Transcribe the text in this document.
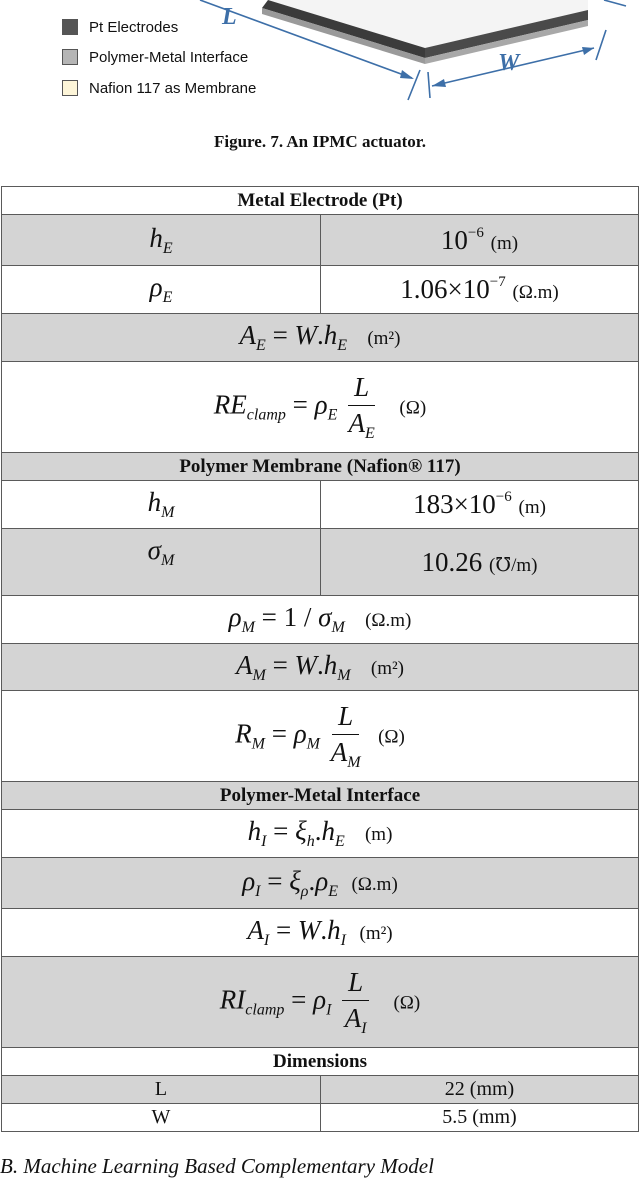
L
W
Pt Electrodes
Polymer-Metal Interface
Nafion 117 as Membrane
Figure. 7. An IPMC actuator.
Metal Electrode (Pt)	
$h_E$	$10^{-6}$ (m)
$\rho_E$	$1.06\times 10^{-7}$ (Ω.m)
$A_E = W.h_E$ (m²)	
$RE_{clamp} = \rho_E \frac{L}{A_E} (\Omega)$	
Polymer Membrane (Nafion® 117)	
$h_M$	$183\times 10^{-6}$ (m)
$\sigma_M$	10.26 (℧/m)
$\rho_M = 1 / \sigma_M$ (Ω.m)	
$A_M = W.h_M$ (m²)	
$R_M = \rho_M \frac{L}{A_M} (\Omega)$	
Polymer-Metal Interface	
$h_I = \xi_h.h_E$ (m)	
$\rho_I = \xi_\rho.\rho_E$ (Ω.m)	
$A_I = W.h_I$ (m²)	
$RI_{clamp} = \rho_I \frac{L}{A_I} (\Omega)$	
Dimensions	
L	22 (mm)
W	5.5 (mm)
B. Machine Learning Based Complementary Model
